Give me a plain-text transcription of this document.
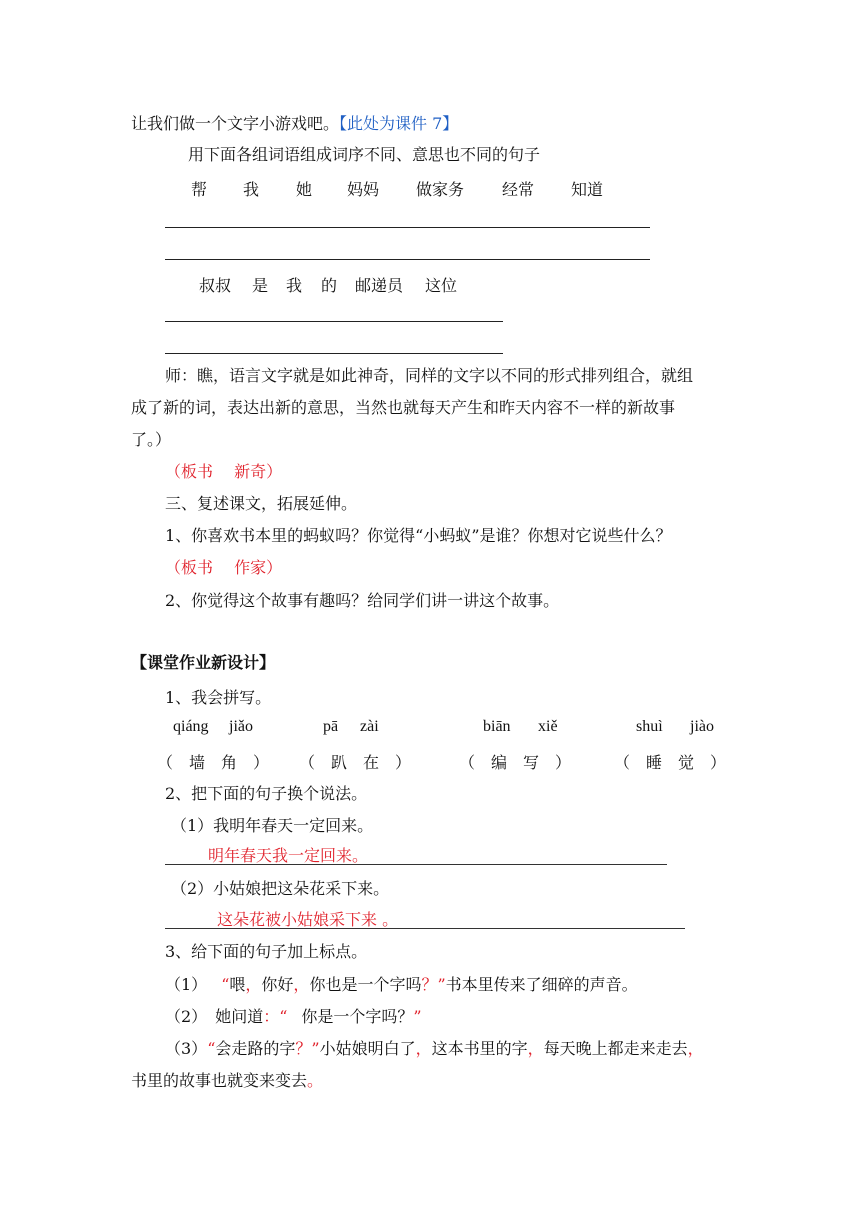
让我们做一个文字小游戏吧。【此处为课件 7】
用下面各组词语组成词序不同、意思也不同的句子
帮 我 她 妈妈 做家务 经常 知道
叔叔 是 我 的 邮递员 这位
师：瞧，语言文字就是如此神奇，同样的文字以不同的形式排列组合，就组
成了新的词，表达出新的意思，当然也就每天产生和昨天内容不一样的新故事
了。）
（板书　 新奇）
三、复述课文，拓展延伸。
1、你喜欢书本里的蚂蚁吗？你觉得“小蚂蚁”是谁？你想对它说些什么？
（板书　 作家）
2、你觉得这个故事有趣吗？给同学们讲一讲这个故事。
【课堂作业新设计】
1、我会拼写。
qiáng jiǎo	pā zài	biān xiě	shuì jiào
（　墙　角　） （　趴　在　）	（　编　写　）	（　睡　觉　）
2、把下面的句子换个说法。
（1）我明年春天一定回来。
明年春天我一定回来。
（2）小姑娘把这朵花采下来。
这朵花被小姑娘采下来 。
3、给下面的句子加上标点。
（1） “喂，你好，你也是一个字吗？”书本里传来了细碎的声音。
（2） 她问道：“ 你是一个字吗？”
（3）“会走路的字？”小姑娘明白了，这本书里的字，每天晚上都走来走去，
书里的故事也就变来变去。
